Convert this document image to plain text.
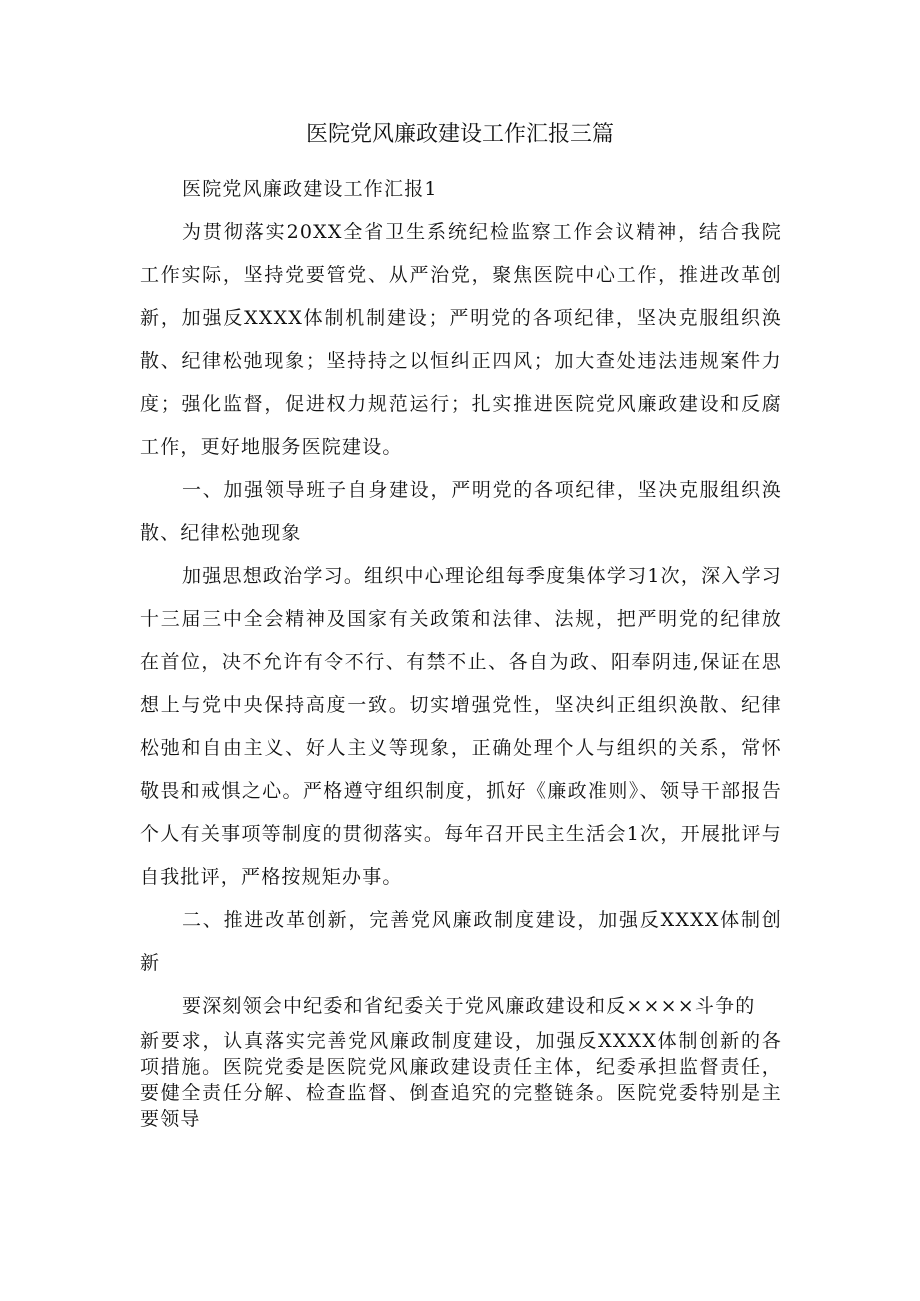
医院党风廉政建设工作汇报三篇

医院党风廉政建设工作汇报1

为贯彻落实20XX全省卫生系统纪检监察工作会议精神，结合我院工作实际，坚持党要管党、从严治党，聚焦医院中心工作，推进改革创新，加强反XXXX体制机制建设；严明党的各项纪律，坚决克服组织涣散、纪律松弛现象；坚持持之以恒纠正四风；加大查处违法违规案件力度；强化监督，促进权力规范运行；扎实推进医院党风廉政建设和反腐工作，更好地服务医院建设。

一、加强领导班子自身建设，严明党的各项纪律，坚决克服组织涣散、纪律松弛现象

加强思想政治学习。组织中心理论组每季度集体学习1次，深入学习十三届三中全会精神及国家有关政策和法律、法规，把严明党的纪律放在首位，决不允许有令不行、有禁不止、各自为政、阳奉阴违,保证在思想上与党中央保持高度一致。切实增强党性，坚决纠正组织涣散、纪律松弛和自由主义、好人主义等现象，正确处理个人与组织的关系，常怀敬畏和戒惧之心。严格遵守组织制度，抓好《廉政准则》、领导干部报告个人有关事项等制度的贯彻落实。每年召开民主生活会1次，开展批评与自我批评，严格按规矩办事。

二、推进改革创新，完善党风廉政制度建设，加强反XXXX体制创新

要深刻领会中纪委和省纪委关于党风廉政建设和反××××斗争的

新要求，认真落实完善党风廉政制度建设，加强反XXXX体制创新的各项措施。医院党委是医院党风廉政建设责任主体，纪委承担监督责任，要健全责任分解、检查监督、倒查追究的完整链条。医院党委特别是主要领导
